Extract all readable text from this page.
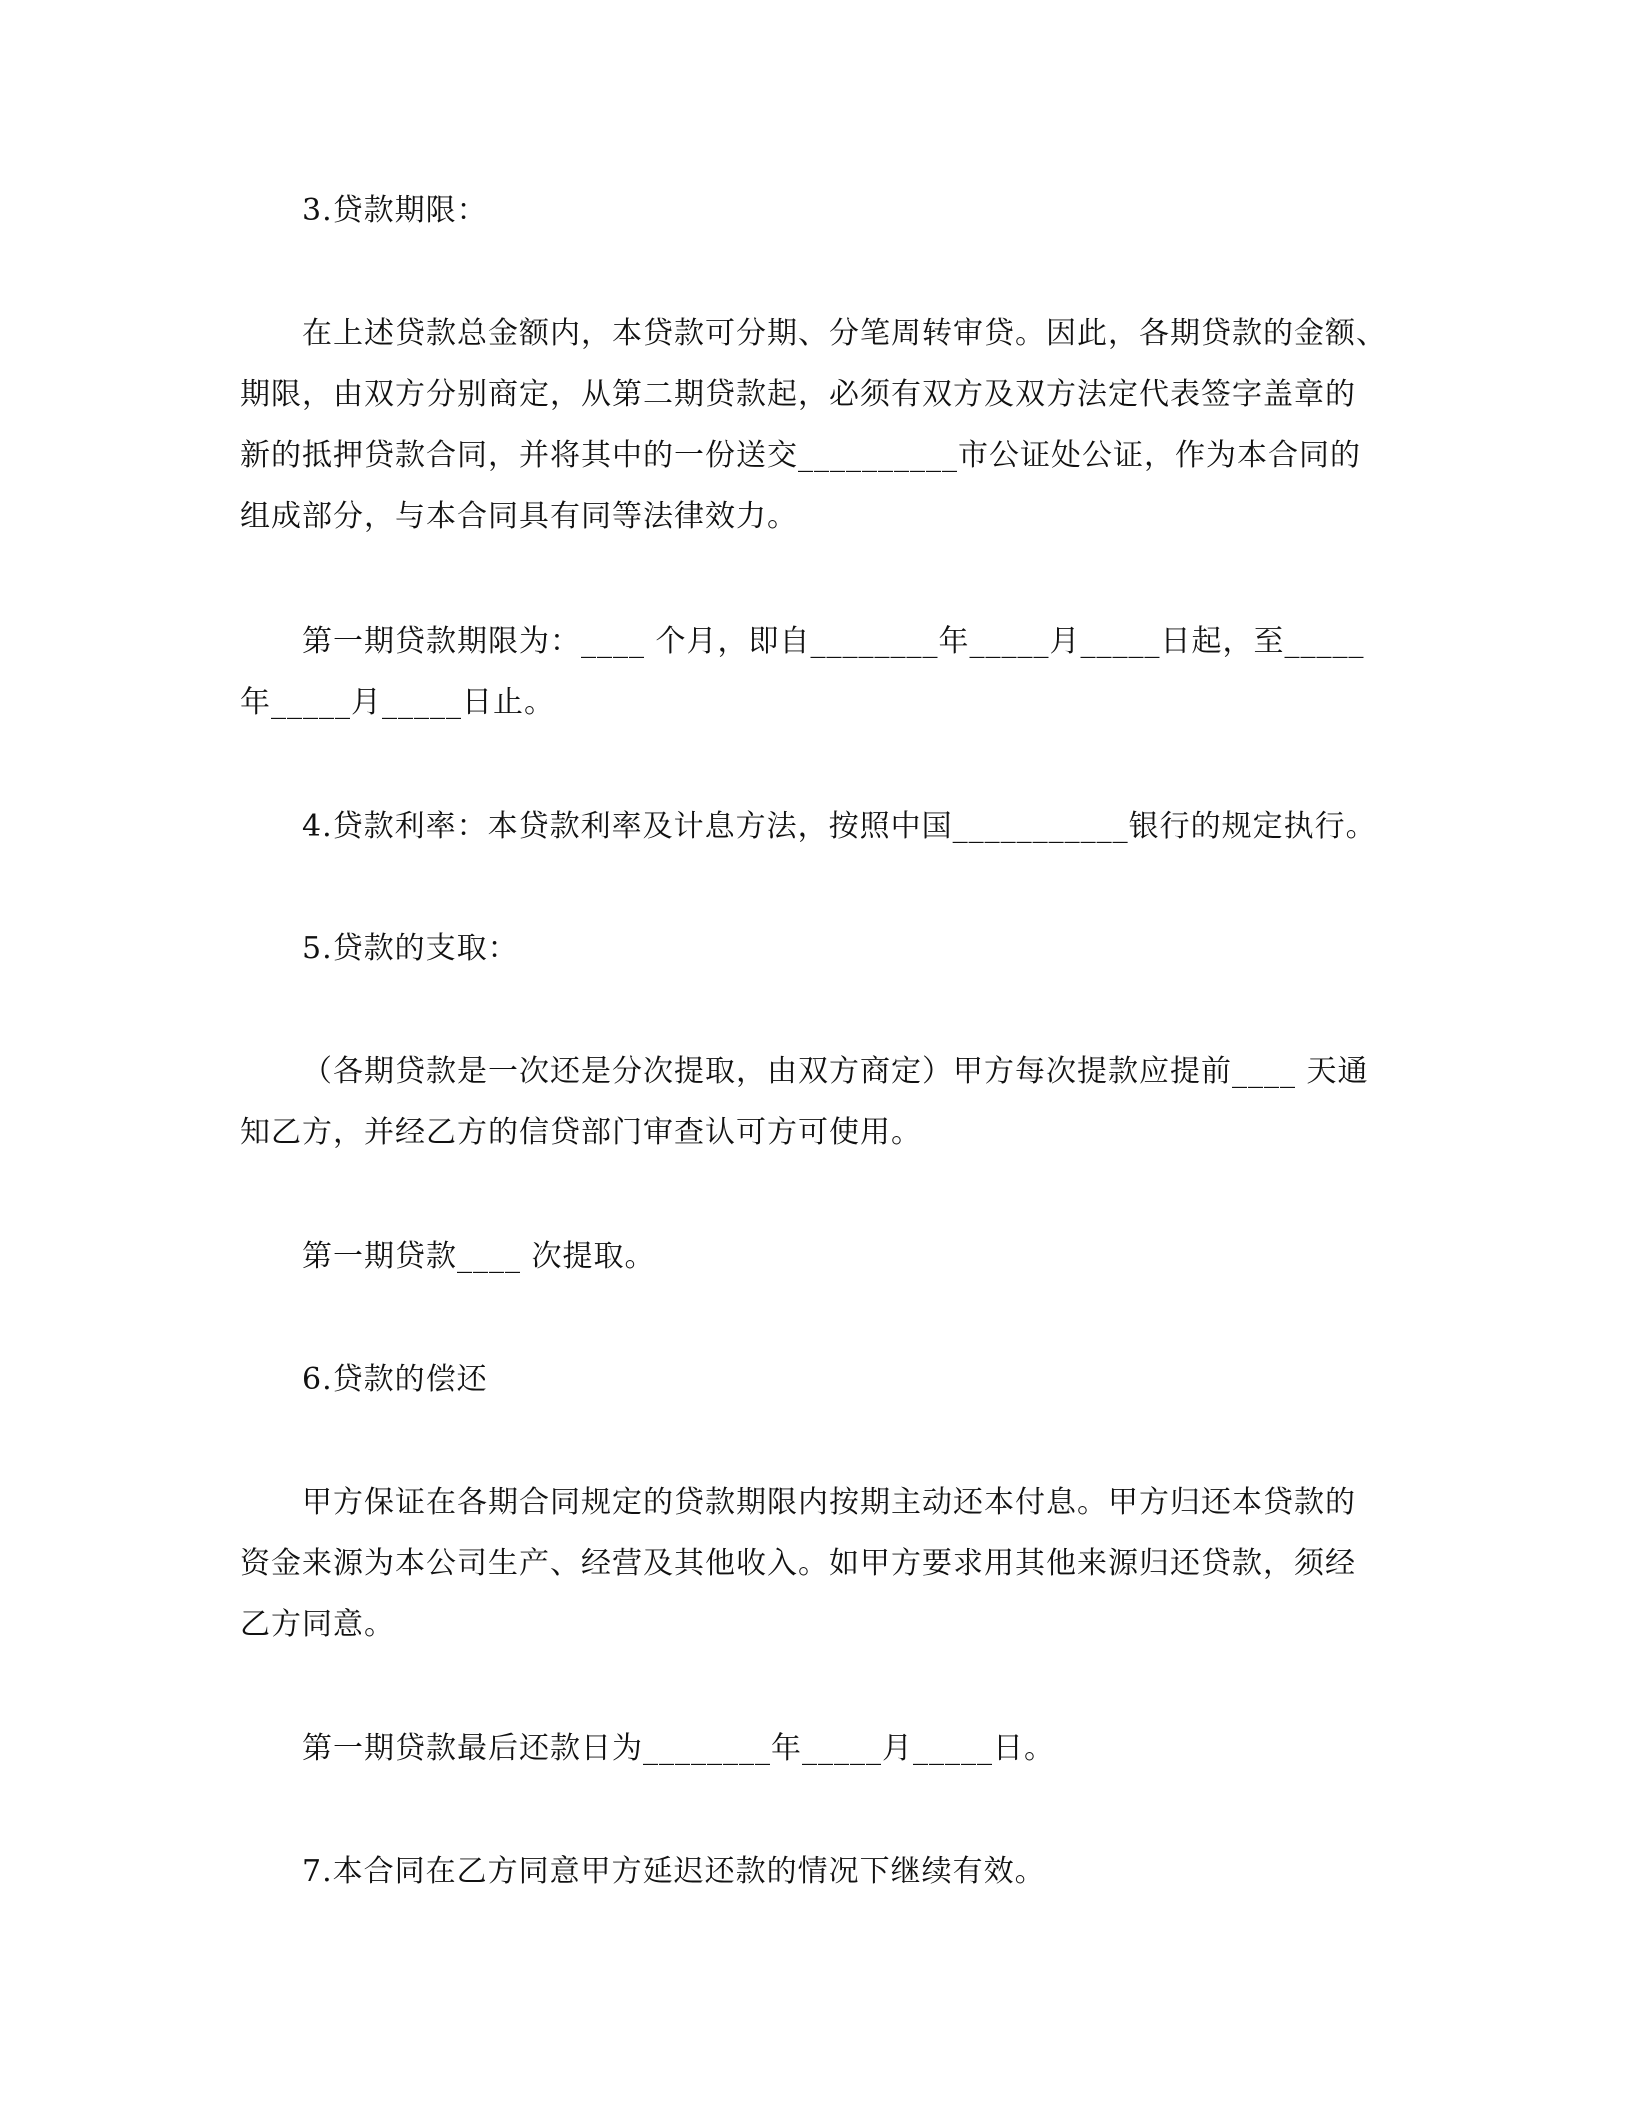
3.贷款期限：

在上述贷款总金额内，本贷款可分期、分笔周转审贷。因此，各期贷款的金额、
期限，由双方分别商定，从第二期贷款起，必须有双方及双方法定代表签字盖章的
新的抵押贷款合同，并将其中的一份送交__________市公证处公证，作为本合同的
组成部分，与本合同具有同等法律效力。

第一期贷款期限为：____ 个月，即自________年_____月_____日起，至_____
年_____月_____日止。

4.贷款利率：本贷款利率及计息方法，按照中国___________银行的规定执行。

5.贷款的支取：

（各期贷款是一次还是分次提取，由双方商定）甲方每次提款应提前____ 天通
知乙方，并经乙方的信贷部门审查认可方可使用。

第一期贷款____ 次提取。

6.贷款的偿还

甲方保证在各期合同规定的贷款期限内按期主动还本付息。甲方归还本贷款的
资金来源为本公司生产、经营及其他收入。如甲方要求用其他来源归还贷款，须经
乙方同意。

第一期贷款最后还款日为________年_____月_____日。

7.本合同在乙方同意甲方延迟还款的情况下继续有效。
